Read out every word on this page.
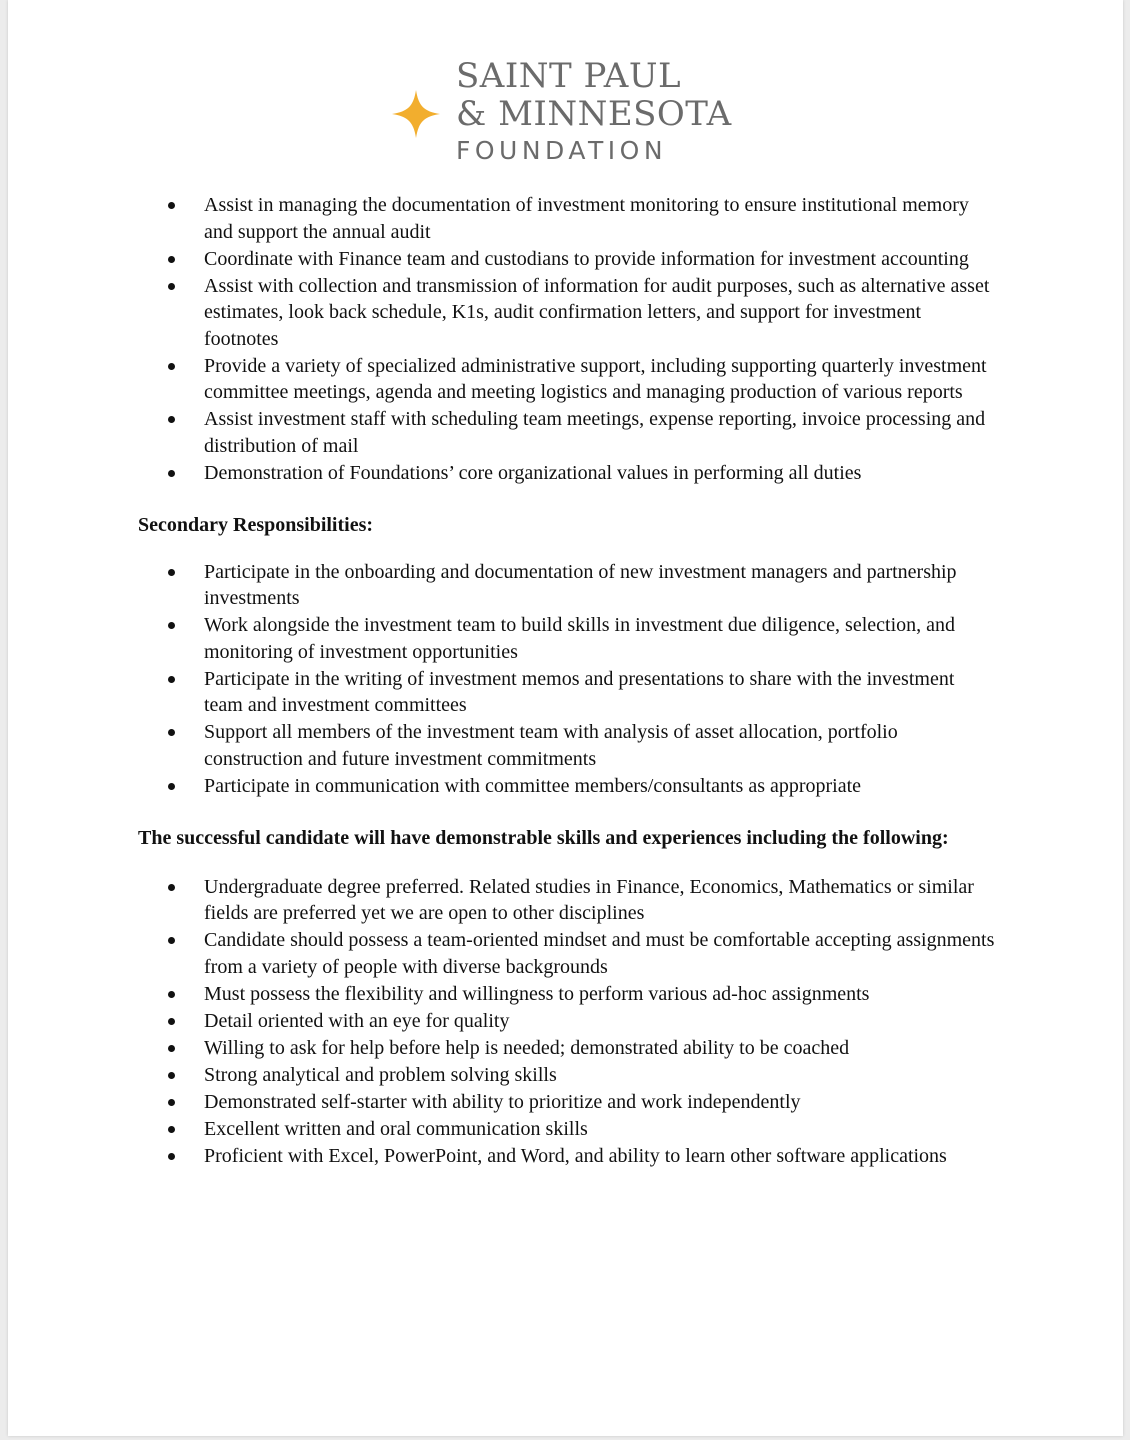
SAINT PAUL
& MINNESOTA
FOUNDATION
Assist in managing the documentation of investment monitoring to ensure institutional memory and support the annual audit
Coordinate with Finance team and custodians to provide information for investment accounting
Assist with collection and transmission of information for audit purposes, such as alternative asset estimates, look back schedule, K1s, audit confirmation letters, and support for investment footnotes
Provide a variety of specialized administrative support, including supporting quarterly investment committee meetings, agenda and meeting logistics and managing production of various reports
Assist investment staff with scheduling team meetings, expense reporting, invoice processing and distribution of mail
Demonstration of Foundations’ core organizational values in performing all duties

Secondary Responsibilities:

Participate in the onboarding and documentation of new investment managers and partnership investments
Work alongside the investment team to build skills in investment due diligence, selection, and monitoring of investment opportunities
Participate in the writing of investment memos and presentations to share with the investment team and investment committees
Support all members of the investment team with analysis of asset allocation, portfolio construction and future investment commitments
Participate in communication with committee members/consultants as appropriate

The successful candidate will have demonstrable skills and experiences including the following:

Undergraduate degree preferred. Related studies in Finance, Economics, Mathematics or similar fields are preferred yet we are open to other disciplines
Candidate should possess a team-oriented mindset and must be comfortable accepting assignments from a variety of people with diverse backgrounds
Must possess the flexibility and willingness to perform various ad-hoc assignments
Detail oriented with an eye for quality
Willing to ask for help before help is needed; demonstrated ability to be coached
Strong analytical and problem solving skills
Demonstrated self-starter with ability to prioritize and work independently
Excellent written and oral communication skills
Proficient with Excel, PowerPoint, and Word, and ability to learn other software applications
